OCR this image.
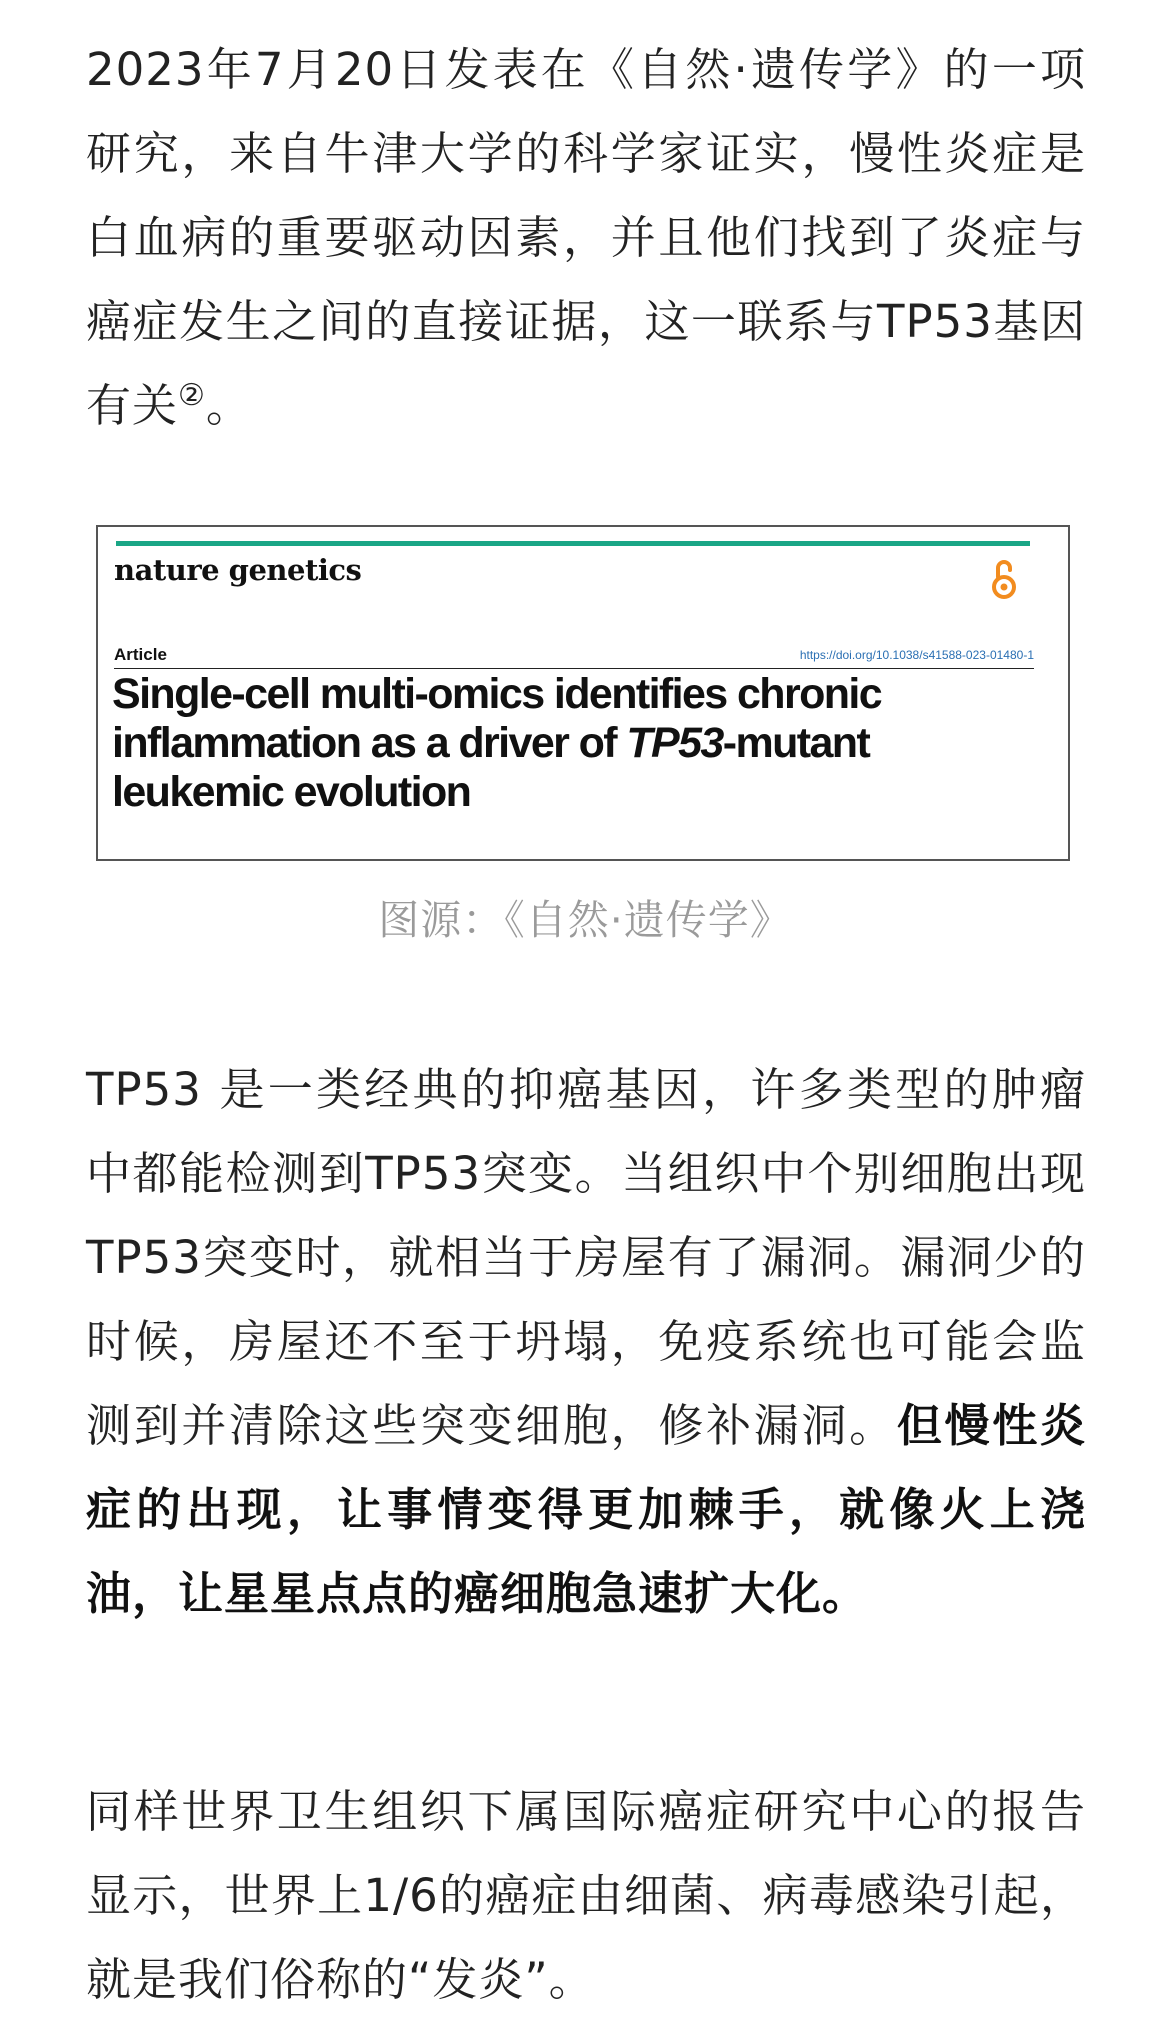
2023年7月20日发表在《自然·遗传学》的一项研究，来自牛津大学的科学家证实，慢性炎症是白血病的重要驱动因素，并且他们找到了炎症与癌症发生之间的直接证据，这一联系与TP53基因有关②。

TP53 是一类经典的抑癌基因，许多类型的肿瘤中都能检测到TP53突变。当组织中个别细胞出现TP53突变时，就相当于房屋有了漏洞。漏洞少的时候，房屋还不至于坍塌，免疫系统也可能会监测到并清除这些突变细胞，修补漏洞。但慢性炎症的出现，让事情变得更加棘手，就像火上浇油，让星星点点的癌细胞急速扩大化。

同样世界卫生组织下属国际癌症研究中心的报告显示，世界上1/6的癌症由细菌、病毒感染引起，就是我们俗称的“发炎”。

nature genetics
Article	https://doi.org/10.1038/s41588-023-01480-1
Single-cell multi-omics identifies chronic inflammation as a driver of TP53-mutant leukemic evolution
图源：《自然·遗传学》
